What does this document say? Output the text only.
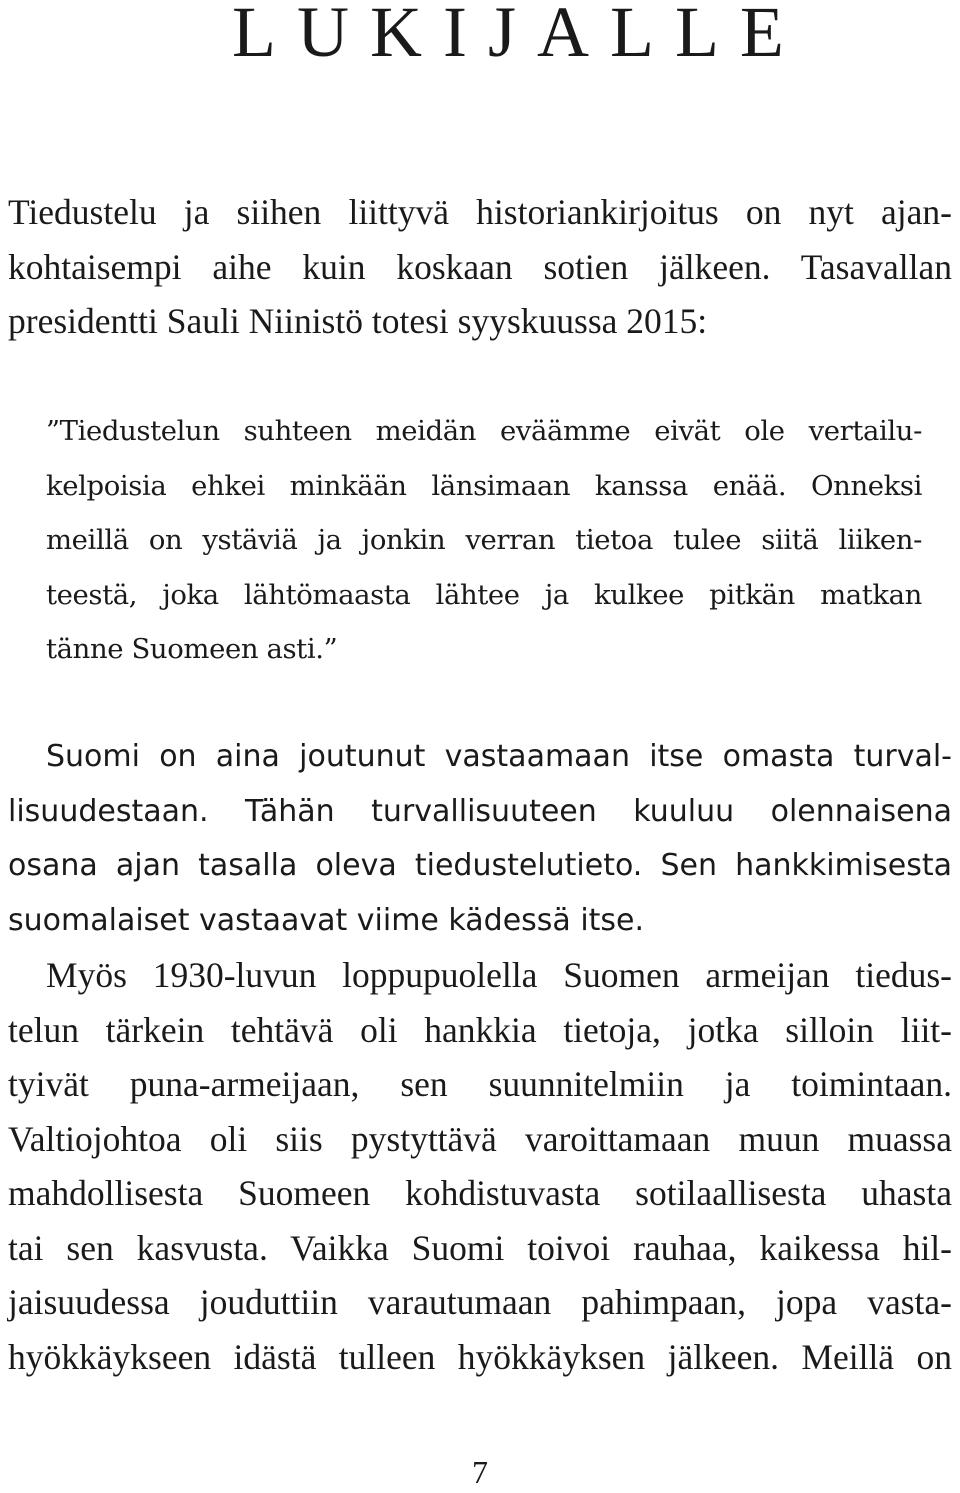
LUKIJALLE

Tiedustelu ja siihen liittyvä historiankirjoitus on nyt ajan-
kohtaisempi aihe kuin koskaan sotien jälkeen. Tasavallan
presidentti Sauli Niinistö totesi syyskuussa 2015:

”Tiedustelun suhteen meidän eväämme eivät ole vertailu-
kelpoisia ehkei minkään länsimaan kanssa enää. Onneksi
meillä on ystäviä ja jonkin verran tietoa tulee siitä liiken-
teestä, joka lähtömaasta lähtee ja kulkee pitkän matkan
tänne Suomeen asti.”

Suomi on aina joutunut vastaamaan itse omasta turval-
lisuudestaan. Tähän turvallisuuteen kuuluu olennaisena
osana ajan tasalla oleva tiedustelutieto. Sen hankkimisesta
suomalaiset vastaavat viime kädessä itse.

Myös 1930-luvun loppupuolella Suomen armeijan tiedus-
telun tärkein tehtävä oli hankkia tietoja, jotka silloin liit-
tyivät puna-armeijaan, sen suunnitelmiin ja toimintaan.
Valtiojohtoa oli siis pystyttävä varoittamaan muun muassa
mahdollisesta Suomeen kohdistuvasta sotilaallisesta uhasta
tai sen kasvusta. Vaikka Suomi toivoi rauhaa, kaikessa hil-
jaisuudessa jouduttiin varautumaan pahimpaan, jopa vasta-
hyökkäykseen idästä tulleen hyökkäyksen jälkeen. Meillä on

7
